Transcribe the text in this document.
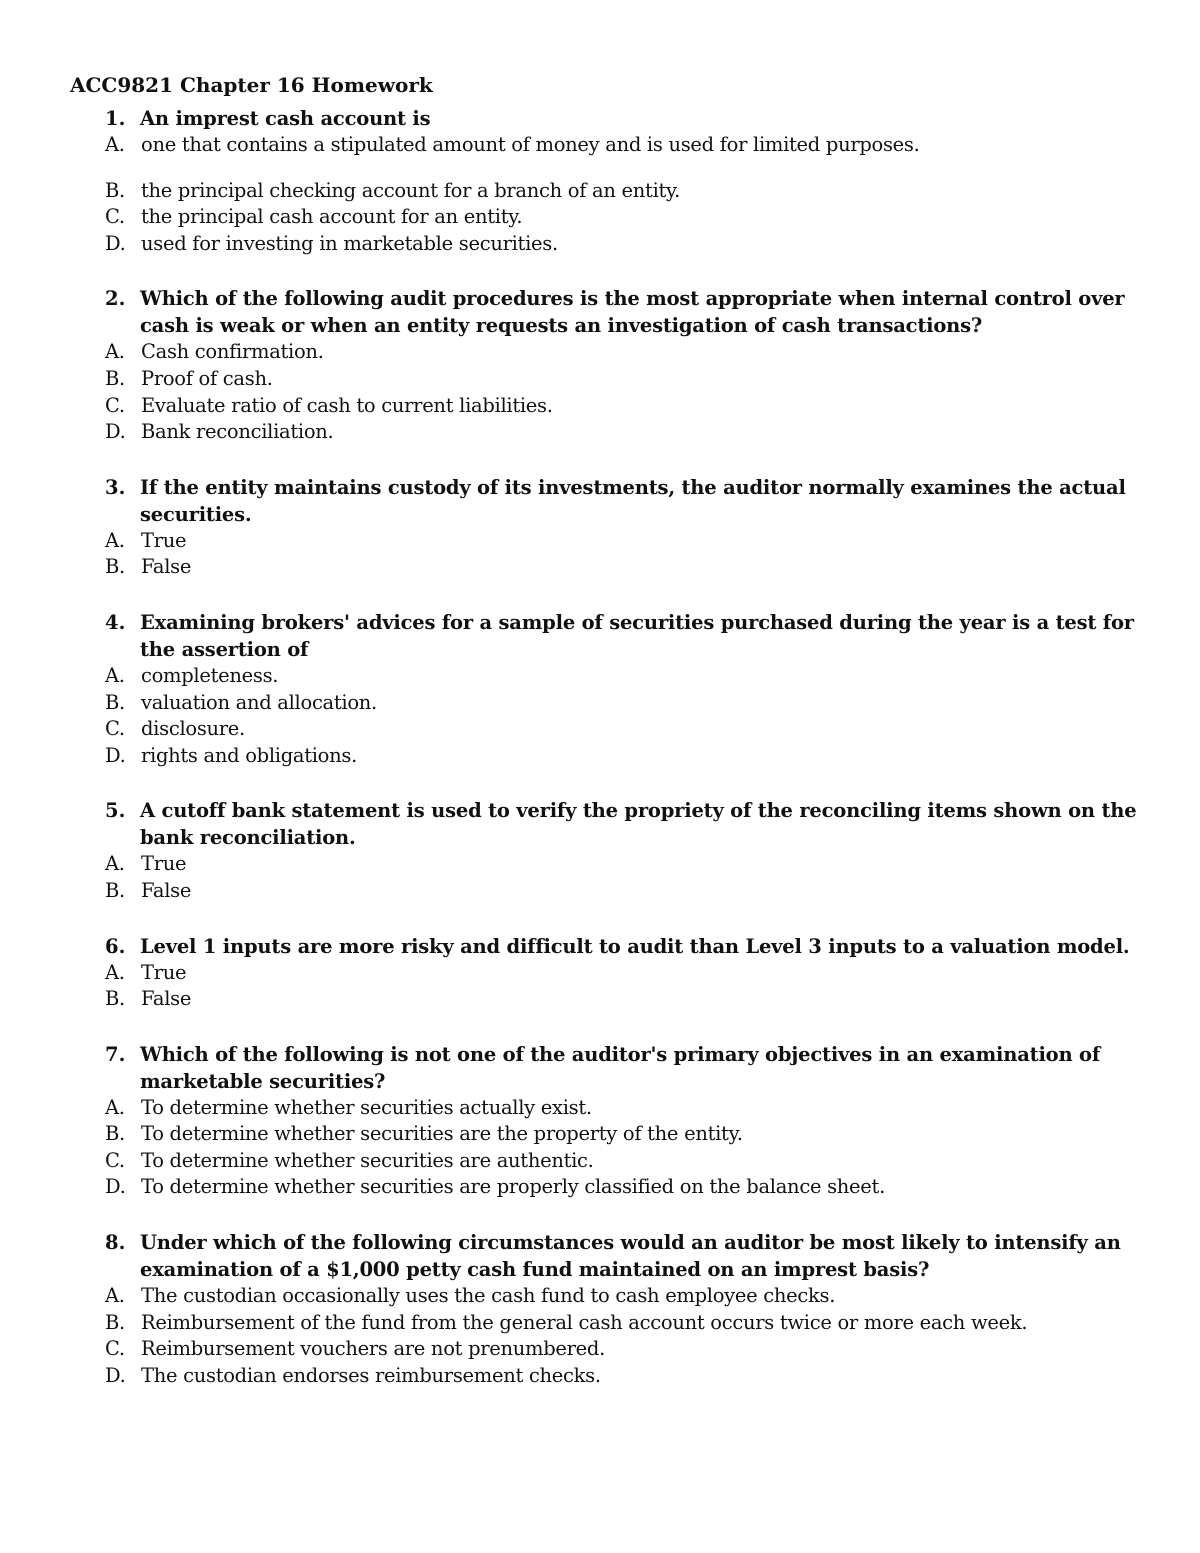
ACC9821 Chapter 16 Homework
1. An imprest cash account is
A. one that contains a stipulated amount of money and is used for limited purposes.
B. the principal checking account for a branch of an entity.
C. the principal cash account for an entity.
D. used for investing in marketable securities.
2. Which of the following audit procedures is the most appropriate when internal control over cash is weak or when an entity requests an investigation of cash transactions?
A. Cash confirmation.
B. Proof of cash.
C. Evaluate ratio of cash to current liabilities.
D. Bank reconciliation.
3. If the entity maintains custody of its investments, the auditor normally examines the actual securities.
A. True
B. False
4. Examining brokers' advices for a sample of securities purchased during the year is a test for the assertion of
A. completeness.
B. valuation and allocation.
C. disclosure.
D. rights and obligations.
5. A cutoff bank statement is used to verify the propriety of the reconciling items shown on the bank reconciliation.
A. True
B. False
6. Level 1 inputs are more risky and difficult to audit than Level 3 inputs to a valuation model.
A. True
B. False
7. Which of the following is not one of the auditor's primary objectives in an examination of marketable securities?
A. To determine whether securities actually exist.
B. To determine whether securities are the property of the entity.
C. To determine whether securities are authentic.
D. To determine whether securities are properly classified on the balance sheet.
8. Under which of the following circumstances would an auditor be most likely to intensify an examination of a $1,000 petty cash fund maintained on an imprest basis?
A. The custodian occasionally uses the cash fund to cash employee checks.
B. Reimbursement of the fund from the general cash account occurs twice or more each week.
C. Reimbursement vouchers are not prenumbered.
D. The custodian endorses reimbursement checks.
